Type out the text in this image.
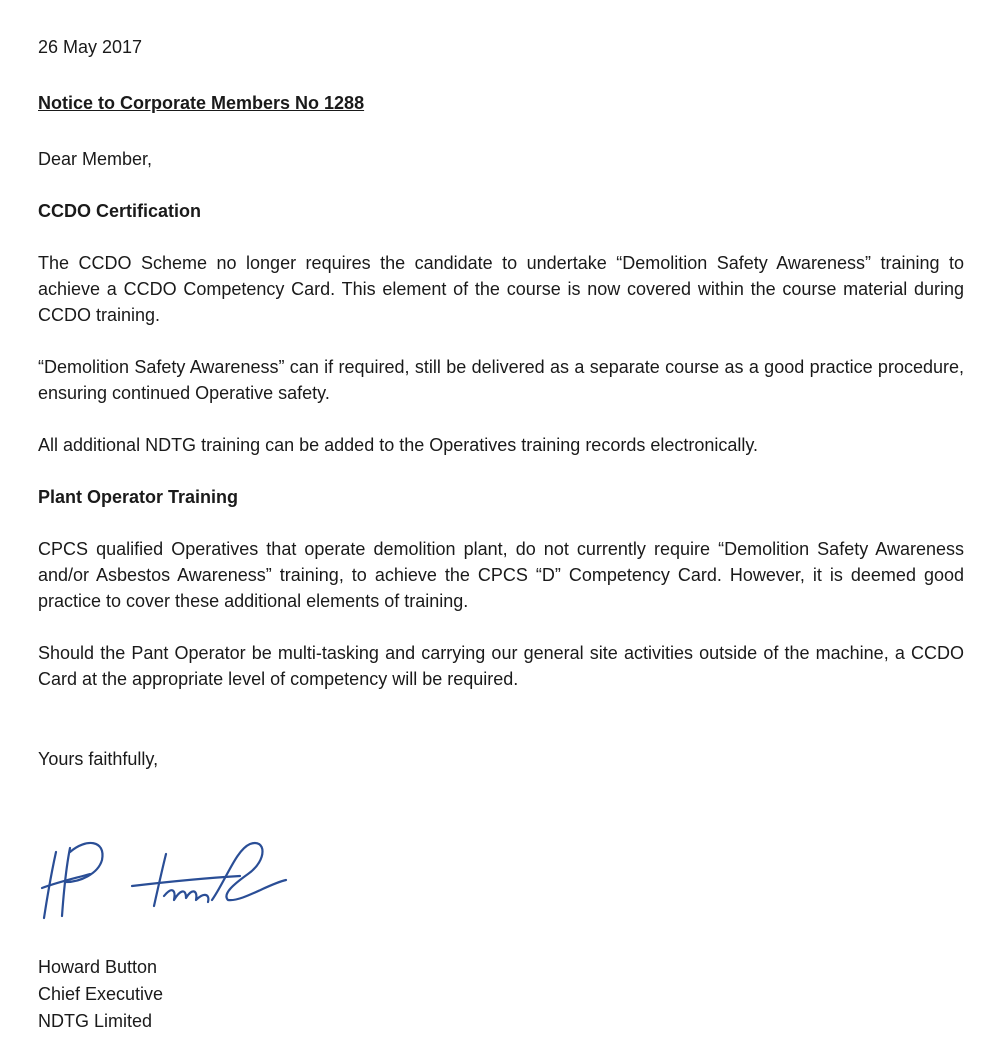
26 May 2017

Notice to Corporate Members No 1288

Dear Member,

CCDO Certification

The CCDO Scheme no longer requires the candidate to undertake “Demolition Safety Awareness” training to achieve a CCDO Competency Card. This element of the course is now covered within the course material during CCDO training.

“Demolition Safety Awareness” can if required, still be delivered as a separate course as a good practice procedure, ensuring continued Operative safety.

All additional NDTG training can be added to the Operatives training records electronically.

Plant Operator Training

CPCS qualified Operatives that operate demolition plant, do not currently require “Demolition Safety Awareness and/or Asbestos Awareness” training, to achieve the CPCS “D” Competency Card. However, it is deemed good practice to cover these additional elements of training.

Should the Pant Operator be multi-tasking and carrying our general site activities outside of the machine, a CCDO Card at the appropriate level of competency will be required.

Yours faithfully,

Howard Button
Chief Executive
NDTG Limited
